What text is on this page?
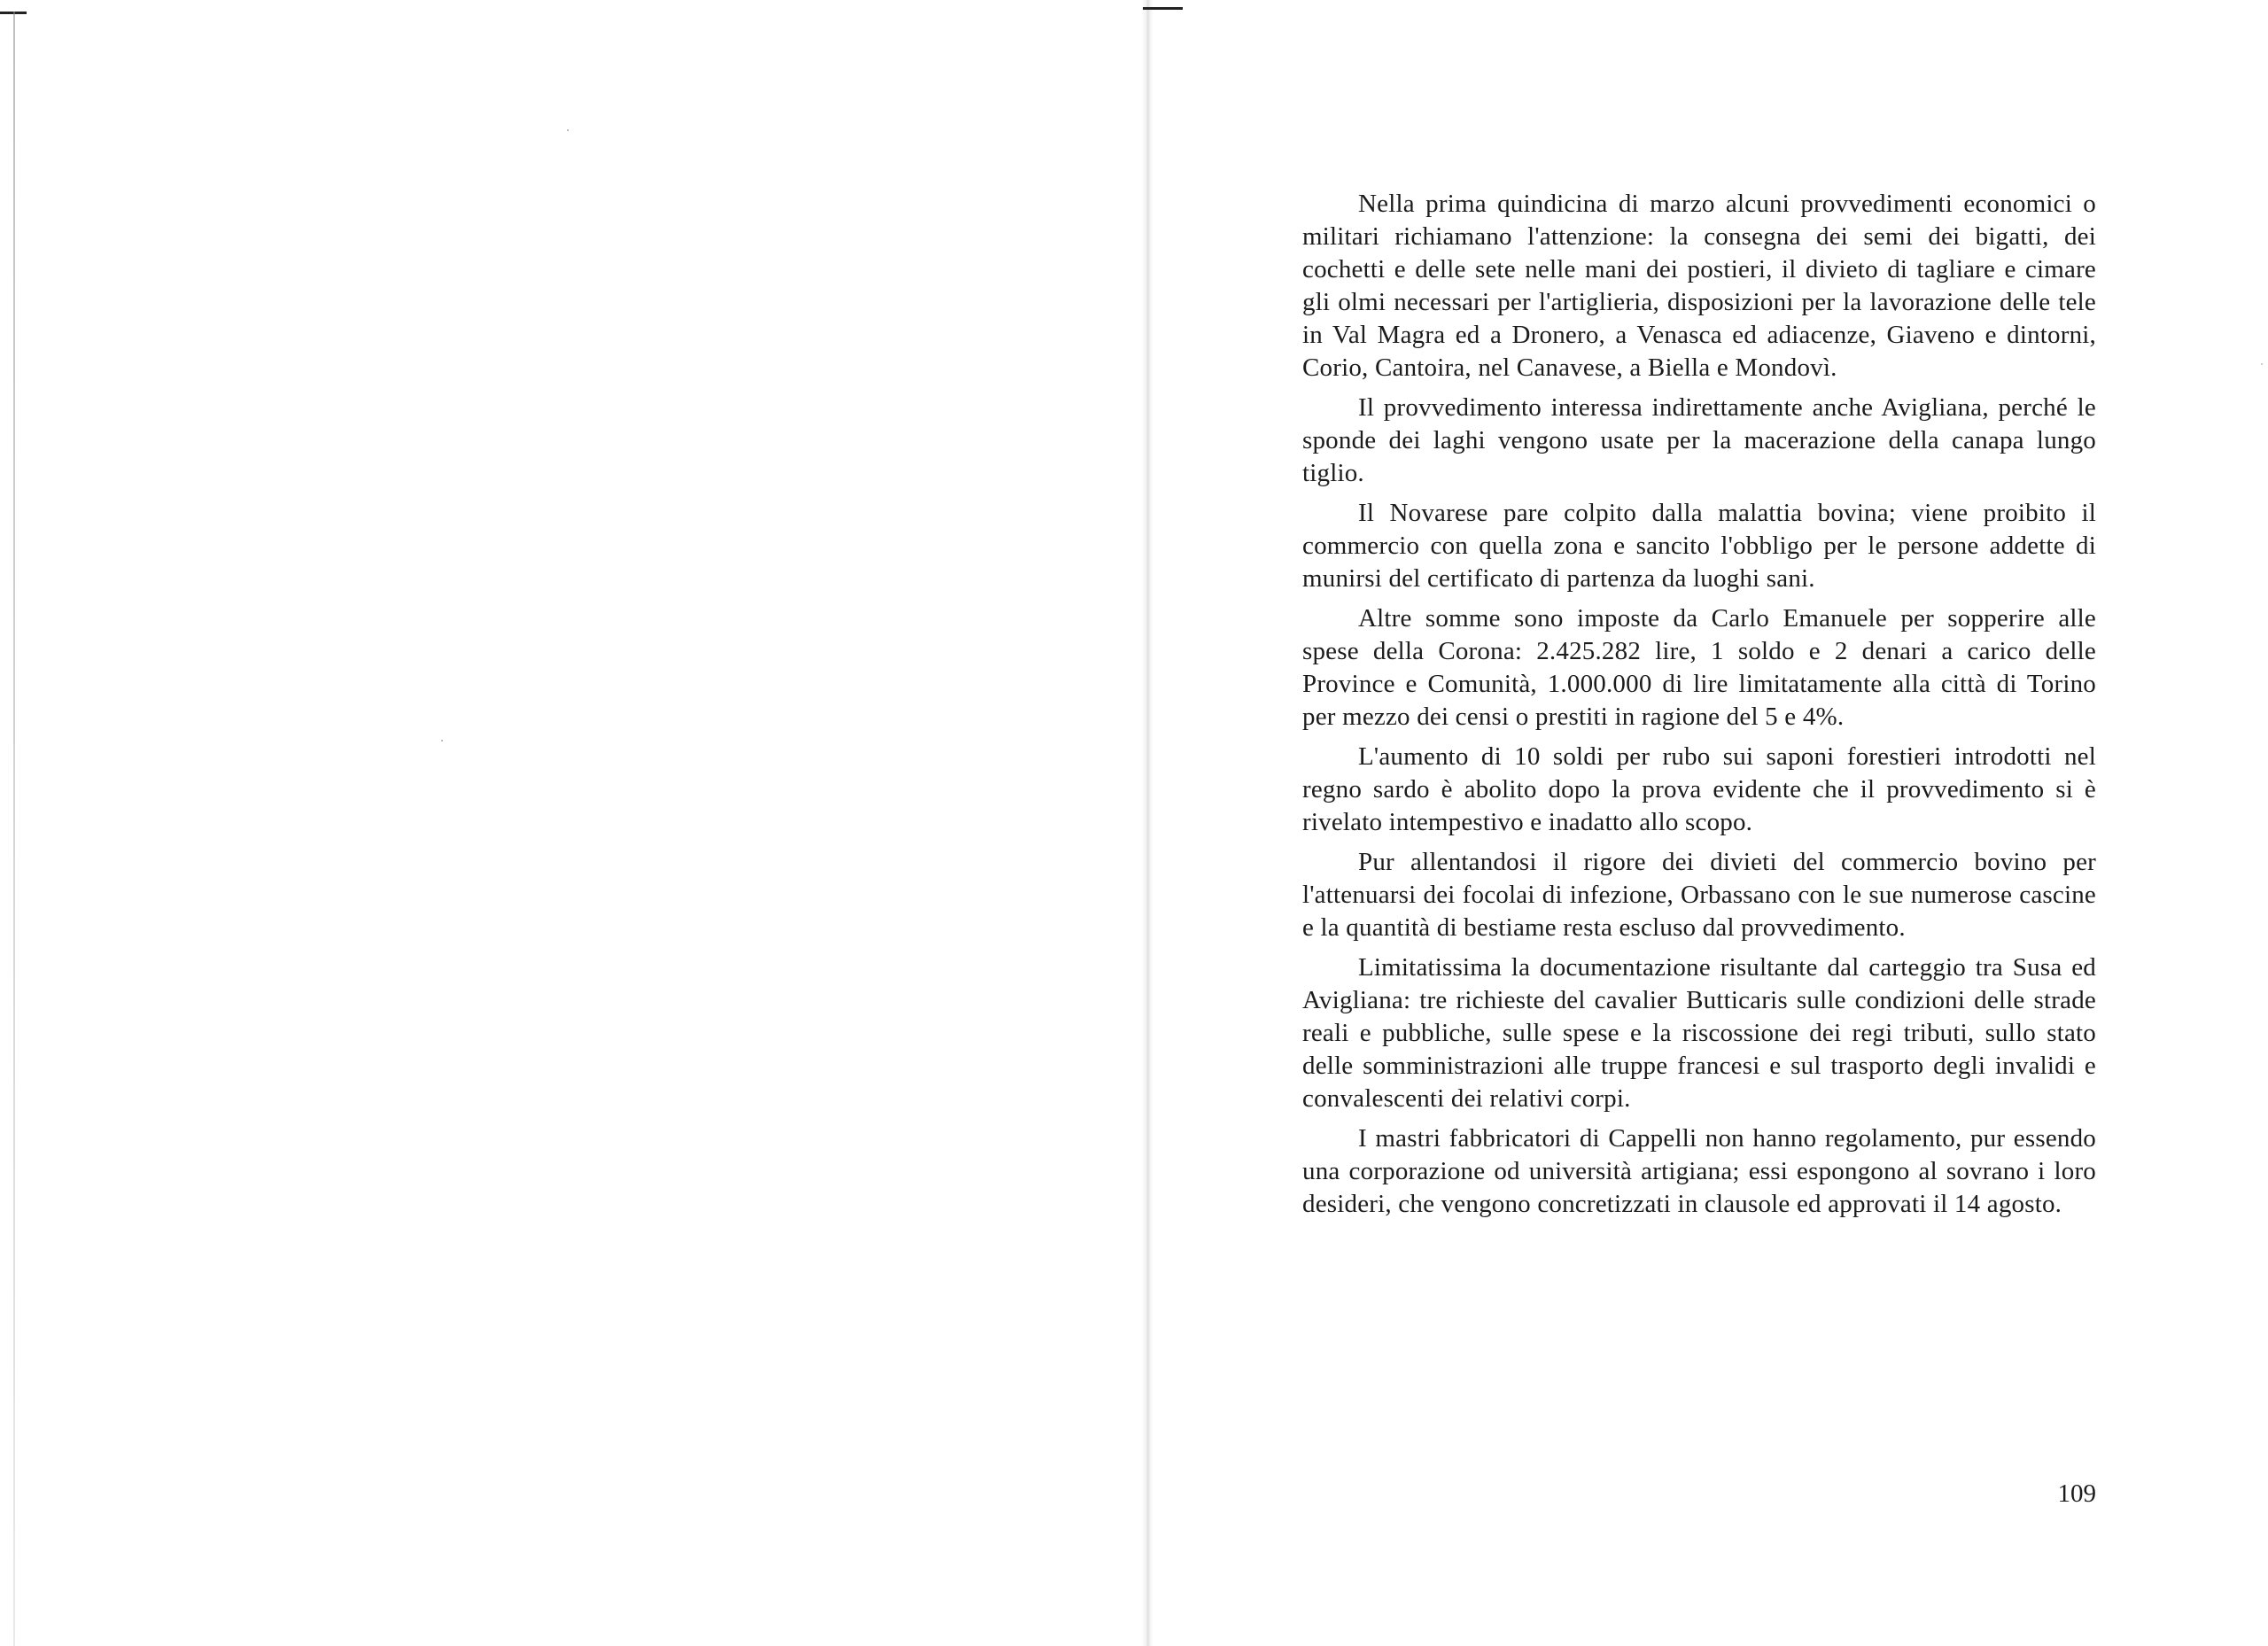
Nella prima quindicina di marzo alcuni provvedimenti economici o militari richiamano l'attenzione: la consegna dei semi dei bigatti, dei cochetti e delle sete nelle mani dei postieri, il divieto di tagliare e cimare gli olmi necessari per l'artiglieria, disposizioni per la lavorazione delle tele in Val Magra ed a Dronero, a Venasca ed adiacenze, Giaveno e dintorni, Corio, Cantoira, nel Canavese, a Biella e Mondovì.

Il provvedimento interessa indirettamente anche Avigliana, perché le sponde dei laghi vengono usate per la macerazione della canapa lungo tiglio.

Il Novarese pare colpito dalla malattia bovina; viene proibito il commercio con quella zona e sancito l'obbligo per le persone addette di munirsi del certificato di partenza da luoghi sani.

Altre somme sono imposte da Carlo Emanuele per sopperire alle spese della Corona: 2.425.282 lire, 1 soldo e 2 denari a carico delle Province e Comunità, 1.000.000 di lire limitatamente alla città di Torino per mezzo dei censi o prestiti in ragione del 5 e 4%.

L'aumento di 10 soldi per rubo sui saponi forestieri introdotti nel regno sardo è abolito dopo la prova evidente che il provvedimento si è rivelato intempestivo e inadatto allo scopo.

Pur allentandosi il rigore dei divieti del commercio bovino per l'attenuarsi dei focolai di infezione, Orbassano con le sue numerose cascine e la quantità di bestiame resta escluso dal provvedimento.

Limitatissima la documentazione risultante dal carteggio tra Susa ed Avigliana: tre richieste del cavalier Butticaris sulle condizioni delle strade reali e pubbliche, sulle spese e la riscossione dei regi tributi, sullo stato delle somministrazioni alle truppe francesi e sul trasporto degli invalidi e convalescenti dei relativi corpi.

I mastri fabbricatori di Cappelli non hanno regolamento, pur essendo una corporazione od università artigiana; essi espongono al sovrano i loro desideri, che vengono concretizzati in clausole ed approvati il 14 agosto.

109
